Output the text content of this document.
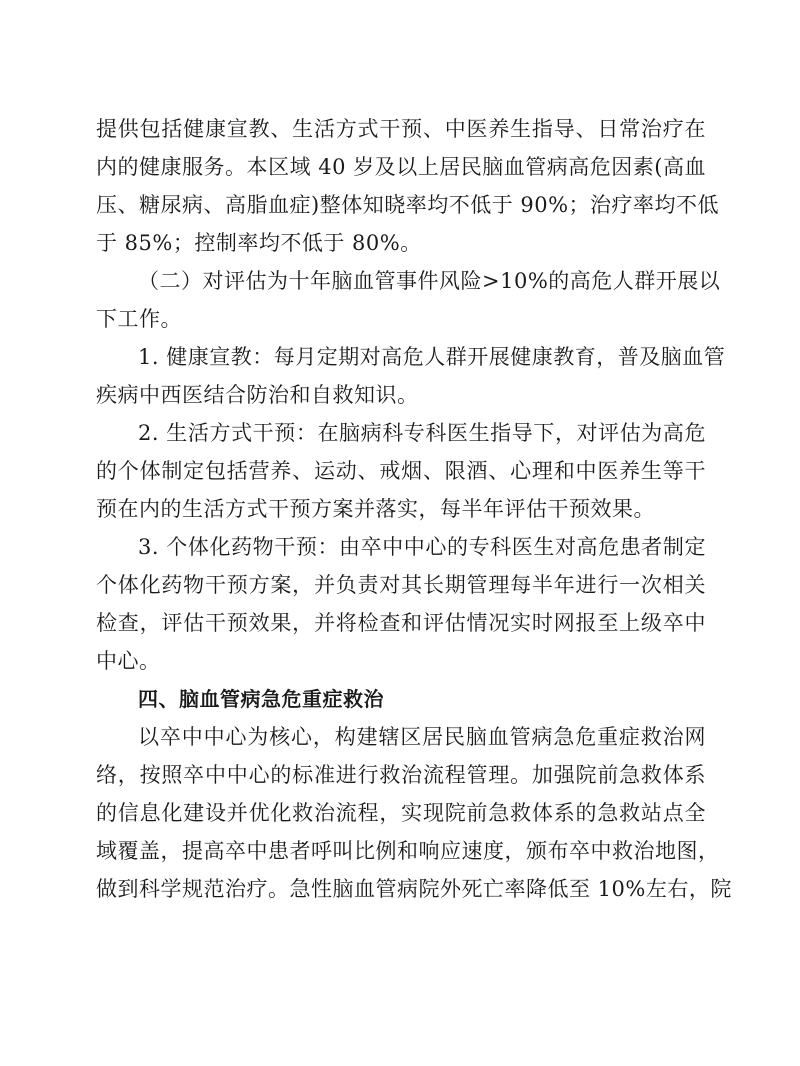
提供包括健康宣教、生活方式干预、中医养生指导、日常治疗在
内的健康服务。本区域 40 岁及以上居民脑血管病高危因素(高血
压、糖尿病、高脂血症)整体知晓率均不低于 90%；治疗率均不低
于 85%；控制率均不低于 80%。
（二）对评估为十年脑血管事件风险>10%的高危人群开展以
下工作。
1. 健康宣教：每月定期对高危人群开展健康教育，普及脑血管
疾病中西医结合防治和自救知识。
2. 生活方式干预：在脑病科专科医生指导下，对评估为高危
的个体制定包括营养、运动、戒烟、限酒、心理和中医养生等干
预在内的生活方式干预方案并落实，每半年评估干预效果。
3. 个体化药物干预：由卒中中心的专科医生对高危患者制定
个体化药物干预方案，并负责对其长期管理每半年进行一次相关
检查，评估干预效果，并将检查和评估情况实时网报至上级卒中
中心。
四、脑血管病急危重症救治
以卒中中心为核心，构建辖区居民脑血管病急危重症救治网
络，按照卒中中心的标准进行救治流程管理。加强院前急救体系
的信息化建设并优化救治流程，实现院前急救体系的急救站点全
域覆盖，提高卒中患者呼叫比例和响应速度，颁布卒中救治地图，
做到科学规范治疗。急性脑血管病院外死亡率降低至 10%左右，院
